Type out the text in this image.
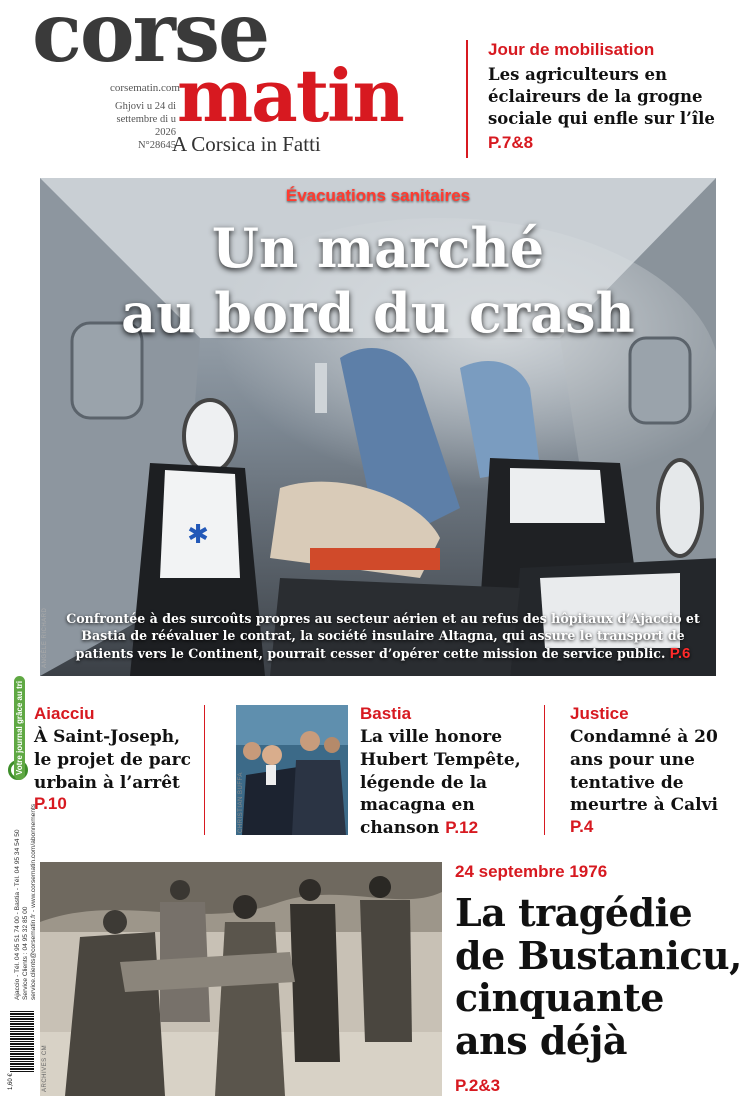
corse
matin
corsematin.com
Ghjovi u 24 di settembre di u 2026
N°28645
A Corsica in Fatti
Jour de mobilisation
Les agriculteurs en éclaireurs de la grogne sociale qui enfle sur l’île
P.7&8
✱
Évacuations sanitaires
Un marché
au bord du crash
Confrontée à des surcoûts propres au secteur aérien et au refus des hôpitaux d’Ajaccio et Bastia de réévaluer le contrat, la société insulaire Altagna, qui assure le transport de patients vers le Continent, pourrait cesser d’opérer cette mission de service public. P.6
ANGÈLE RICHARD
Votre journal grâce au tri
Ajaccio - Tél. 04 95 51 74 00 - Bastia - Tél. 04 95 34 54 50 Service Clients : 04 95 32 85 00 service.clients@corsematin.fr - www.corsematin.com/abonnements
1,60 €
Aiacciu
À Saint-Joseph, le projet de parc urbain à l’arrêt
P.10	CHRISTIAN BUFFA
Bastia
La ville honore Hubert Tempête, légende de la macagna en chanson P.12
Justice
Condamné à 20 ans pour une tentative de meurtre à Calvi
P.4
ARCHIVES CM
24 septembre 1976
La tragédie de Bustanicu, cinquante ans déjà
P.2&3
